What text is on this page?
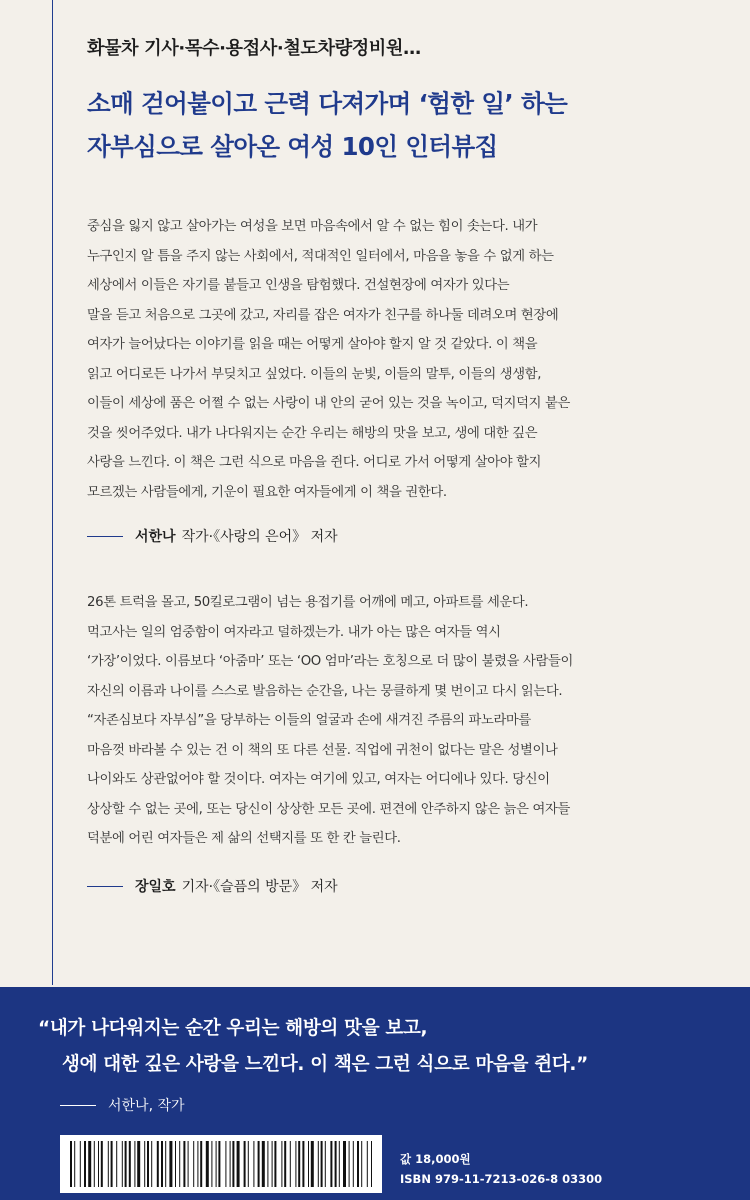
화물차 기사·목수·용접사·철도차량정비원…
소매 걷어붙이고 근력 다져가며 ‘험한 일’ 하는
자부심으로 살아온 여성 10인 인터뷰집
중심을 잃지 않고 살아가는 여성을 보면 마음속에서 알 수 없는 힘이 솟는다. 내가
누구인지 알 틈을 주지 않는 사회에서, 적대적인 일터에서, 마음을 놓을 수 없게 하는
세상에서 이들은 자기를 붙들고 인생을 탐험했다. 건설현장에 여자가 있다는
말을 듣고 처음으로 그곳에 갔고, 자리를 잡은 여자가 친구를 하나둘 데려오며 현장에
여자가 늘어났다는 이야기를 읽을 때는 어떻게 살아야 할지 알 것 같았다. 이 책을
읽고 어디로든 나가서 부딪치고 싶었다. 이들의 눈빛, 이들의 말투, 이들의 생생함,
이들이 세상에 품은 어쩔 수 없는 사랑이 내 안의 굳어 있는 것을 녹이고, 덕지덕지 붙은
것을 씻어주었다. 내가 나다워지는 순간 우리는 해방의 맛을 보고, 생에 대한 깊은
사랑을 느낀다. 이 책은 그런 식으로 마음을 쥔다. 어디로 가서 어떻게 살아야 할지
모르겠는 사람들에게, 기운이 필요한 여자들에게 이 책을 권한다.
서한나 작가·《사랑의 은어》 저자
26톤 트럭을 몰고, 50킬로그램이 넘는 용접기를 어깨에 메고, 아파트를 세운다.
먹고사는 일의 엄중함이 여자라고 덜하겠는가. 내가 아는 많은 여자들 역시
‘가장’이었다. 이름보다 ‘아줌마’ 또는 ‘OO 엄마’라는 호칭으로 더 많이 불렸을 사람들이
자신의 이름과 나이를 스스로 발음하는 순간을, 나는 뭉클하게 몇 번이고 다시 읽는다.
“자존심보다 자부심”을 당부하는 이들의 얼굴과 손에 새겨진 주름의 파노라마를
마음껏 바라볼 수 있는 건 이 책의 또 다른 선물. 직업에 귀천이 없다는 말은 성별이나
나이와도 상관없어야 할 것이다. 여자는 여기에 있고, 여자는 어디에나 있다. 당신이
상상할 수 없는 곳에, 또는 당신이 상상한 모든 곳에. 편견에 안주하지 않은 늙은 여자들
덕분에 어린 여자들은 제 삶의 선택지를 또 한 칸 늘린다.
장일호 기자·《슬픔의 방문》 저자
“내가 나다워지는 순간 우리는 해방의 맛을 보고,
생에 대한 깊은 사랑을 느낀다. 이 책은 그런 식으로 마음을 쥔다.”
서한나, 작가
값 18,000원
ISBN 979-11-7213-026-8 03300
